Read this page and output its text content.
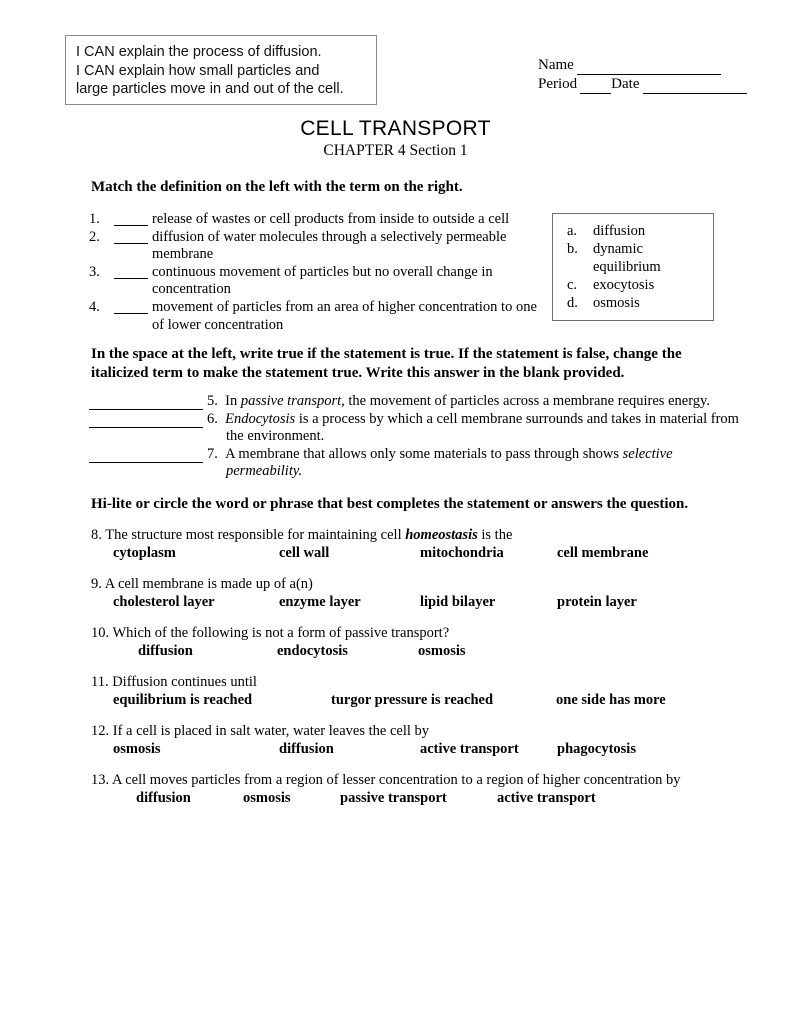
I CAN explain the process of diffusion.
I CAN explain how small particles and
large particles move in and out of the cell.
Name
Period Date
CELL TRANSPORT
CHAPTER 4 Section 1
Match the definition on the left with the term on the right.
1.	release of wastes or cell products from inside to outside a cell
2.	diffusion of water molecules through a selectively permeable
membrane
3.	continuous movement of particles but no overall change in
concentration
4.	movement of particles from an area of higher concentration to one
of lower concentration
a.	diffusion
b.	dynamic
equilibrium
c.	exocytosis
d.	osmosis
In the space at the left, write true if the statement is true. If the statement is false, change the
italicized term to make the statement true. Write this answer in the blank provided.
5. In passive transport, the movement of particles across a membrane requires energy.
6. Endocytosis is a process by which a cell membrane surrounds and takes in material from
the environment.
7. A membrane that allows only some materials to pass through shows selective
permeability.
Hi-lite or circle the word or phrase that best completes the statement or answers the question.
8. The structure most responsible for maintaining cell homeostasis is the
cytoplasm	cell wall	mitochondria	cell membrane
9. A cell membrane is made up of a(n)
cholesterol layer	enzyme layer	lipid bilayer	protein layer
10. Which of the following is not a form of passive transport?
diffusion	endocytosis	osmosis
11. Diffusion continues until
equilibrium is reached	turgor pressure is reached	one side has more
12. If a cell is placed in salt water, water leaves the cell by
osmosis	diffusion	active transport	phagocytosis
13. A cell moves particles from a region of lesser concentration to a region of higher concentration by
diffusion	osmosis	passive transport	active transport
